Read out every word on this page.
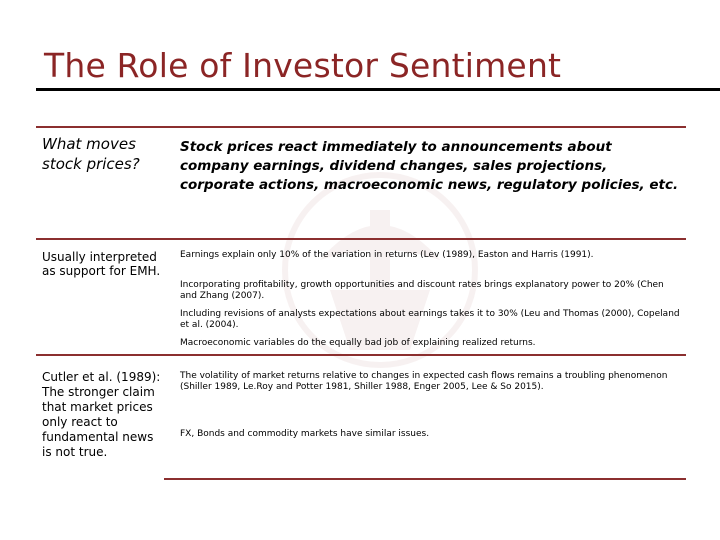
The Role of Investor Sentiment
What moves stock prices?
Stock prices react immediately to announcements about company earnings, dividend changes, sales projections, corporate actions, macroeconomic news, regulatory policies, etc.
Usually interpreted as support for EMH.
Earnings explain only 10% of the variation in returns (Lev (1989), Easton and Harris (1991).
Incorporating profitability, growth opportunities and discount rates brings explanatory power to 20% (Chen and Zhang (2007).
Including revisions of analysts expectations about earnings takes it to 30% (Leu and Thomas (2000), Copeland et al. (2004).
Macroeconomic variables do the equally bad job of explaining realized returns.
Cutler et al. (1989): The stronger claim that market prices only react to fundamental news is not true.
The volatility of market returns relative to changes in expected cash flows remains a troubling phenomenon (Shiller 1989, Le.Roy and Potter 1981, Shiller 1988, Enger 2005, Lee & So 2015).
FX, Bonds and commodity markets have similar issues.
